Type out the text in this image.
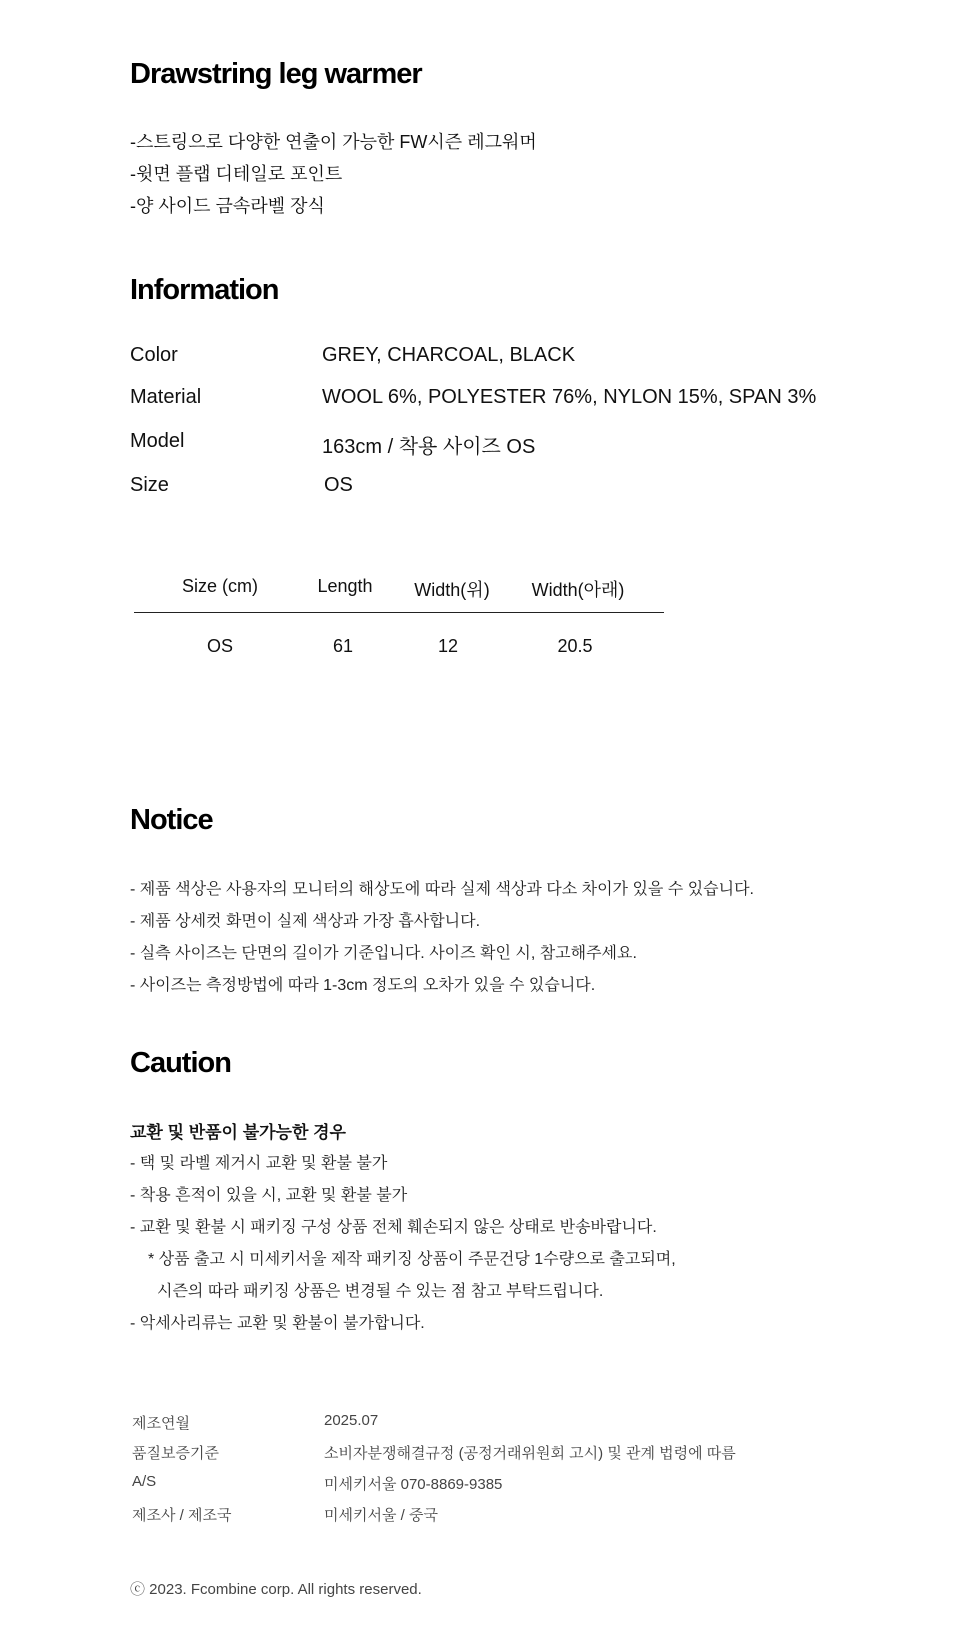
Drawstring leg warmer
-스트링으로 다양한 연출이 가능한 FW시즌 레그워머
-윗면 플랩 디테일로 포인트
-양 사이드 금속라벨 장식
Information
Color	GREY, CHARCOAL, BLACK
Material	WOOL 6%, POLYESTER 76%, NYLON 15%, SPAN 3%
Model	163cm / 착용 사이즈 OS
Size	OS
Size (cm)	Length	Width(위)	Width(아래)
OS	61	12	20.5
Notice
- 제품 색상은 사용자의 모니터의 해상도에 따라 실제 색상과 다소 차이가 있을 수 있습니다.
- 제품 상세컷 화면이 실제 색상과 가장 흡사합니다.
- 실측 사이즈는 단면의 길이가 기준입니다. 사이즈 확인 시, 참고해주세요.
- 사이즈는 측정방법에 따라 1-3cm 정도의 오차가 있을 수 있습니다.
Caution
교환 및 반품이 불가능한 경우
- 택 및 라벨 제거시 교환 및 환불 불가
- 착용 흔적이 있을 시, 교환 및 환불 불가
- 교환 및 환불 시 패키징 구성 상품 전체 훼손되지 않은 상태로 반송바랍니다.
* 상품 출고 시 미세키서울 제작 패키징 상품이 주문건당 1수량으로 출고되며,
시즌의 따라 패키징 상품은 변경될 수 있는 점 참고 부탁드립니다.
- 악세사리류는 교환 및 환불이 불가합니다.
제조연월	2025.07
품질보증기준	소비자분쟁해결규정 (공정거래위원회 고시) 및 관계 법령에 따름
A/S	미세키서울 070-8869-9385
제조사 / 제조국	미세키서울 / 중국
ⓒ 2023. Fcombine corp. All rights reserved.
